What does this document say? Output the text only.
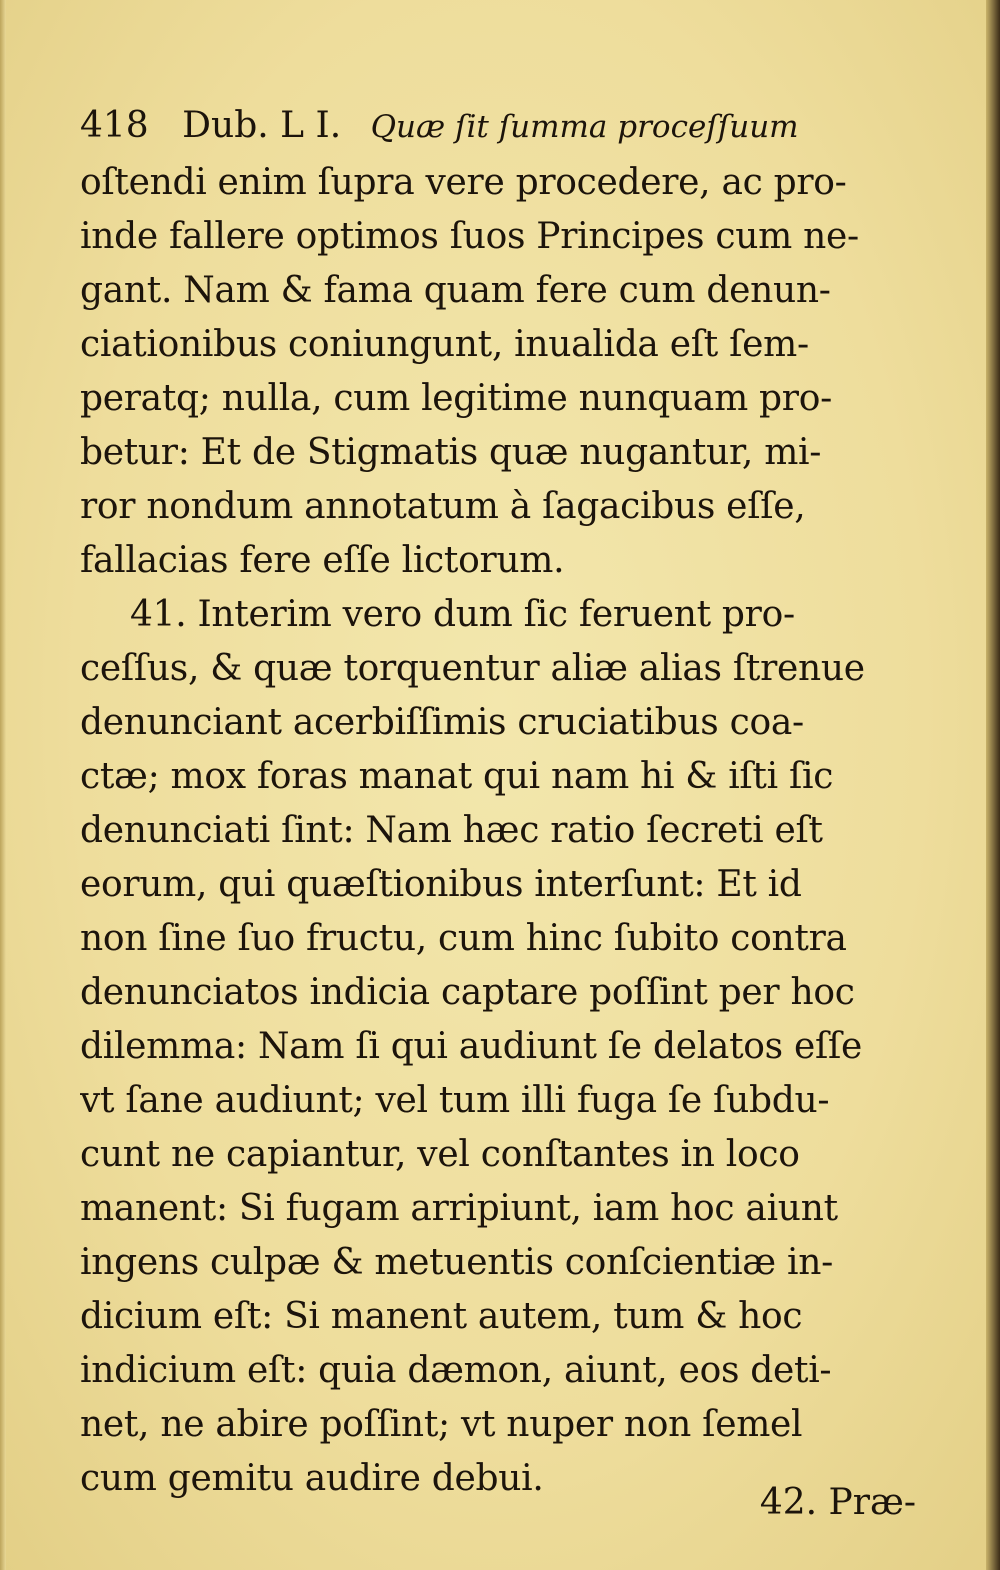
418 Dub. L I. Quæ ſit ſumma proceſſuum
oſtendi enim ſupra vere procedere, ac pro-
inde fallere optimos ſuos Principes cum ne-
gant. Nam & fama quam fere cum denun-
ciationibus coniungunt, inualida eſt ſem-
peratq; nulla, cum legitime nunquam pro-
betur: Et de Stigmatis quæ nugantur, mi-
ror nondum annotatum à ſagacibus eſſe,
fallacias fere eſſe lictorum.
41. Interim vero dum ſic feruent pro-
ceſſus, & quæ torquentur aliæ alias ſtrenue
denunciant acerbiſſimis cruciatibus coa-
ctæ; mox foras manat qui nam hi & iſti ſic
denunciati ſint: Nam hæc ratio ſecreti eſt
eorum, qui quæſtionibus interſunt: Et id
non ſine ſuo fructu, cum hinc ſubito contra
denunciatos indicia captare poſſint per hoc
dilemma: Nam ſi qui audiunt ſe delatos eſſe
vt ſane audiunt; vel tum illi fuga ſe ſubdu-
cunt ne capiantur, vel conſtantes in loco
manent: Si fugam arripiunt, iam hoc aiunt
ingens culpæ & metuentis conſcientiæ in-
dicium eſt: Si manent autem, tum & hoc
indicium eſt: quia dæmon, aiunt, eos deti-
net, ne abire poſſint; vt nuper non ſemel
cum gemitu audire debui.
42. Præ-
